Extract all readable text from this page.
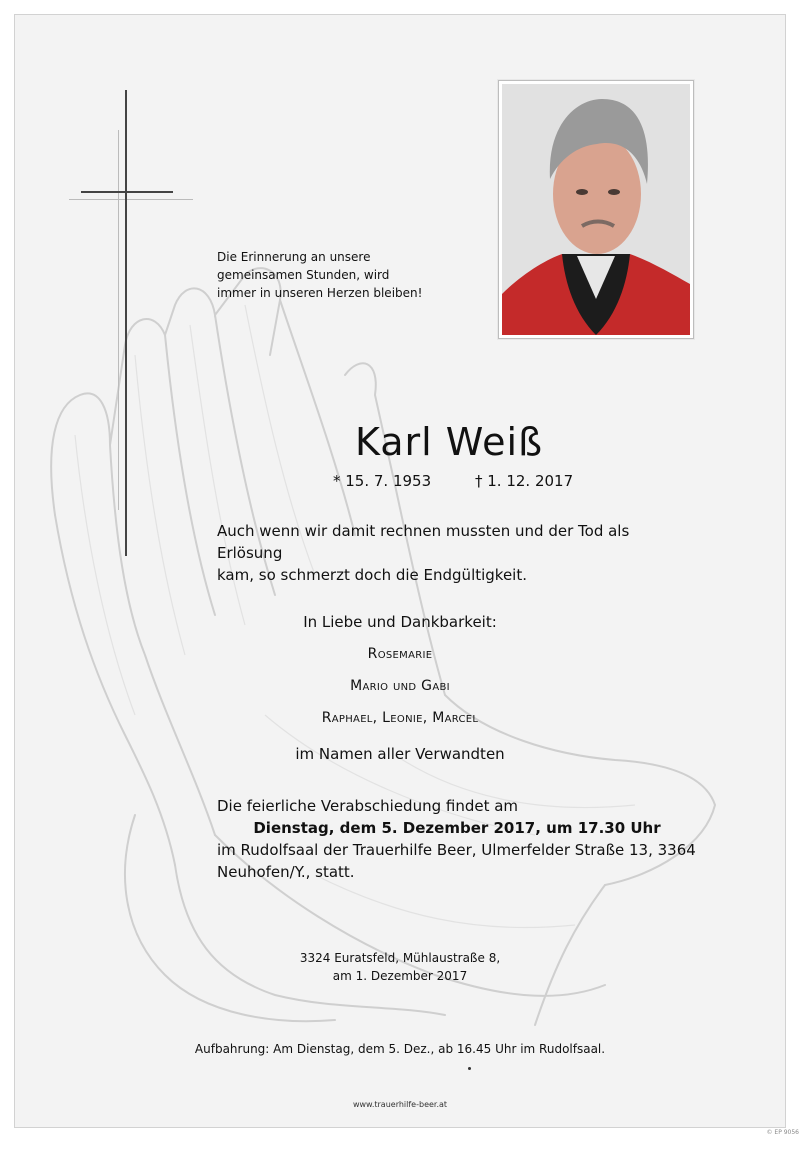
Die Erinnerung an unsere
gemeinsamen Stunden, wird
immer in unseren Herzen bleiben!
Karl Weiß
* 15. 7. 1953	† 1. 12. 2017
Auch wenn wir damit rechnen mussten und der Tod als Erlösung
kam, so schmerzt doch die Endgültigkeit.
In Liebe und Dankbarkeit:
Rosemarie
Mario und Gabi
Raphael, Leonie, Marcel
im Namen aller Verwandten
Die feierliche Verabschiedung findet am
Dienstag, dem 5. Dezember 2017, um 17.30 Uhr
im Rudolfsaal der Trauerhilfe Beer, Ulmerfelder Straße 13, 3364
Neuhofen/Y., statt.
3324 Euratsfeld, Mühlaustraße 8,
am 1. Dezember 2017
Aufbahrung: Am Dienstag, dem 5. Dez., ab 16.45 Uhr im Rudolfsaal.
www.trauerhilfe-beer.at
© EP 9056
